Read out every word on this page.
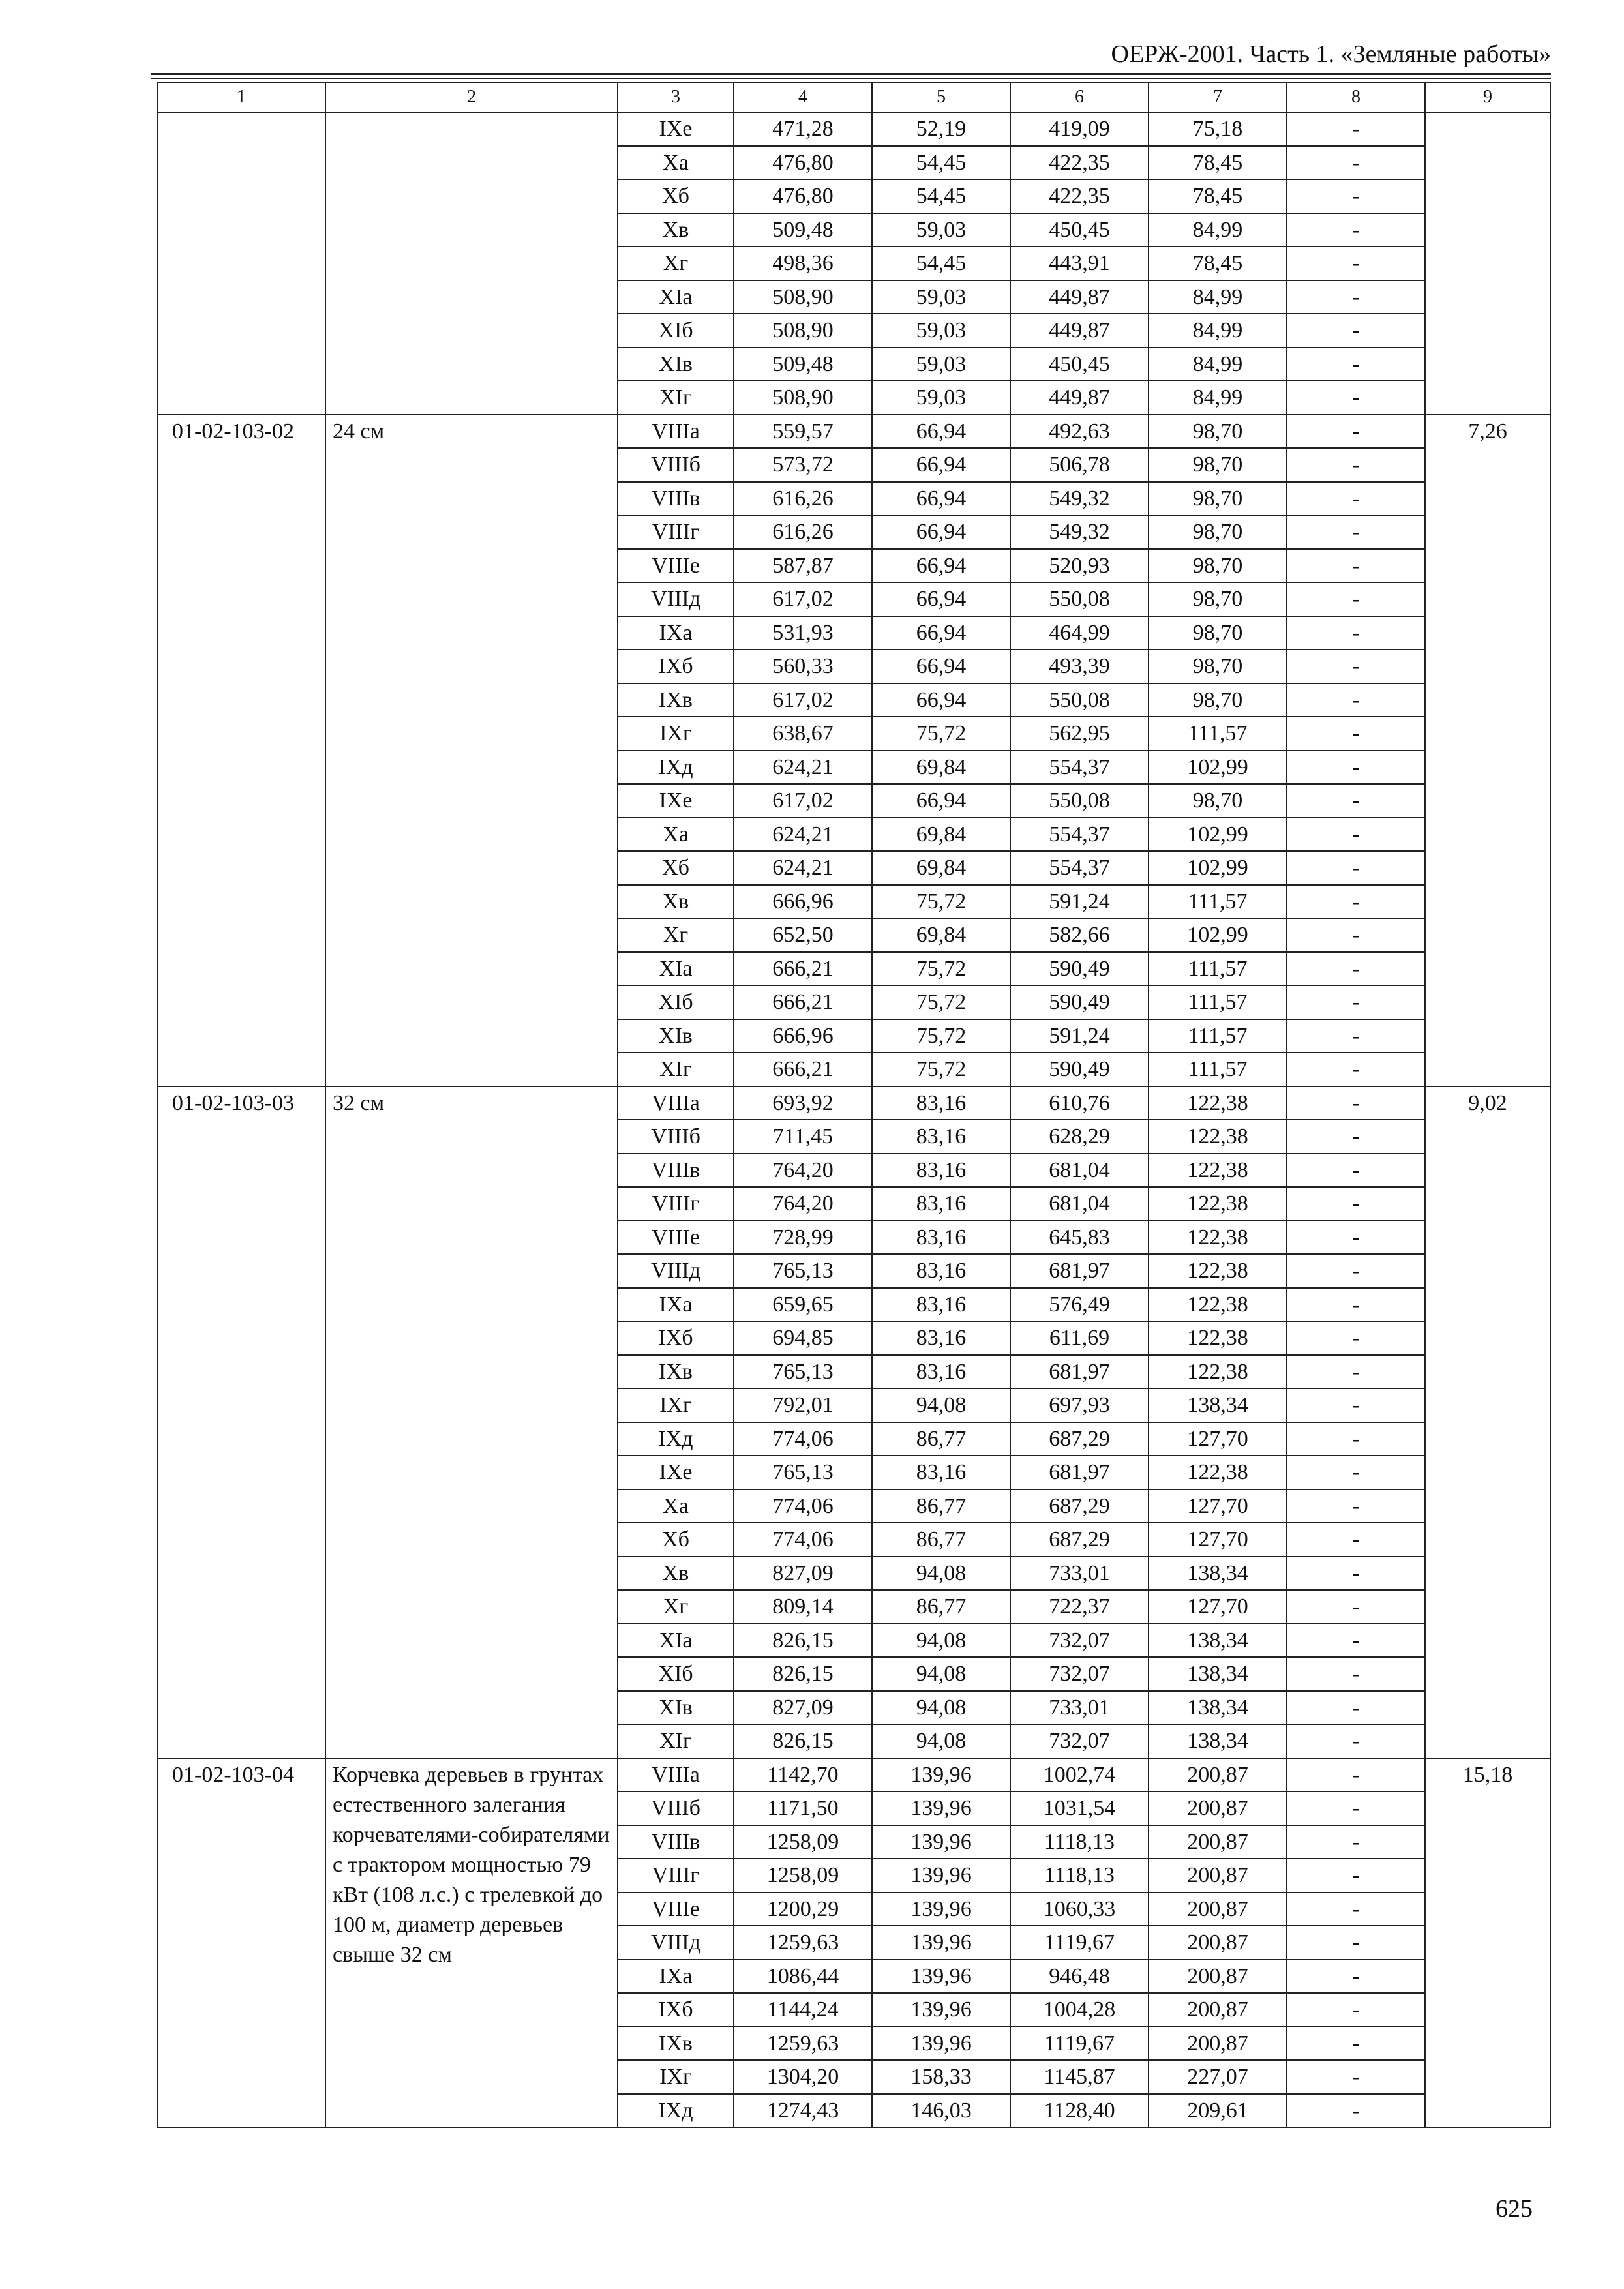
ОЕРЖ-2001. Часть 1. «Земляные работы»
1	2	3	4	5	6	7	8	9
		IXе	471,28	52,19	419,09	75,18	-	
		Xа	476,80	54,45	422,35	78,45	-	
		Xб	476,80	54,45	422,35	78,45	-	
		Xв	509,48	59,03	450,45	84,99	-	
		Xг	498,36	54,45	443,91	78,45	-	
		XIа	508,90	59,03	449,87	84,99	-	
		XIб	508,90	59,03	449,87	84,99	-	
		XIв	509,48	59,03	450,45	84,99	-	
		XIг	508,90	59,03	449,87	84,99	-	
01-02-103-02	24 см	VIIIа	559,57	66,94	492,63	98,70	-	7,26
		VIIIб	573,72	66,94	506,78	98,70	-	
		VIIIв	616,26	66,94	549,32	98,70	-	
		VIIIг	616,26	66,94	549,32	98,70	-	
		VIIIе	587,87	66,94	520,93	98,70	-	
		VIIIд	617,02	66,94	550,08	98,70	-	
		IXа	531,93	66,94	464,99	98,70	-	
		IXб	560,33	66,94	493,39	98,70	-	
		IXв	617,02	66,94	550,08	98,70	-	
		IXг	638,67	75,72	562,95	111,57	-	
		IXд	624,21	69,84	554,37	102,99	-	
		IXе	617,02	66,94	550,08	98,70	-	
		Xа	624,21	69,84	554,37	102,99	-	
		Xб	624,21	69,84	554,37	102,99	-	
		Xв	666,96	75,72	591,24	111,57	-	
		Xг	652,50	69,84	582,66	102,99	-	
		XIа	666,21	75,72	590,49	111,57	-	
		XIб	666,21	75,72	590,49	111,57	-	
		XIв	666,96	75,72	591,24	111,57	-	
		XIг	666,21	75,72	590,49	111,57	-	
01-02-103-03	32 см	VIIIа	693,92	83,16	610,76	122,38	-	9,02
		VIIIб	711,45	83,16	628,29	122,38	-	
		VIIIв	764,20	83,16	681,04	122,38	-	
		VIIIг	764,20	83,16	681,04	122,38	-	
		VIIIе	728,99	83,16	645,83	122,38	-	
		VIIIд	765,13	83,16	681,97	122,38	-	
		IXа	659,65	83,16	576,49	122,38	-	
		IXб	694,85	83,16	611,69	122,38	-	
		IXв	765,13	83,16	681,97	122,38	-	
		IXг	792,01	94,08	697,93	138,34	-	
		IXд	774,06	86,77	687,29	127,70	-	
		IXе	765,13	83,16	681,97	122,38	-	
		Xа	774,06	86,77	687,29	127,70	-	
		Xб	774,06	86,77	687,29	127,70	-	
		Xв	827,09	94,08	733,01	138,34	-	
		Xг	809,14	86,77	722,37	127,70	-	
		XIа	826,15	94,08	732,07	138,34	-	
		XIб	826,15	94,08	732,07	138,34	-	
		XIв	827,09	94,08	733,01	138,34	-	
		XIг	826,15	94,08	732,07	138,34	-	
01-02-103-04	Корчевка деревьев в грунтах естественного залегания корчевателями-собирателями с трактором мощностью 79 кВт (108 л.с.) с трелевкой до 100 м, диаметр деревьев свыше 32 см	VIIIа	1142,70	139,96	1002,74	200,87	-	15,18
		VIIIб	1171,50	139,96	1031,54	200,87	-	
		VIIIв	1258,09	139,96	1118,13	200,87	-	
		VIIIг	1258,09	139,96	1118,13	200,87	-	
		VIIIе	1200,29	139,96	1060,33	200,87	-	
		VIIIд	1259,63	139,96	1119,67	200,87	-	
		IXа	1086,44	139,96	946,48	200,87	-	
		IXб	1144,24	139,96	1004,28	200,87	-	
		IXв	1259,63	139,96	1119,67	200,87	-	
		IXг	1304,20	158,33	1145,87	227,07	-	
		IXд	1274,43	146,03	1128,40	209,61	-	
625
